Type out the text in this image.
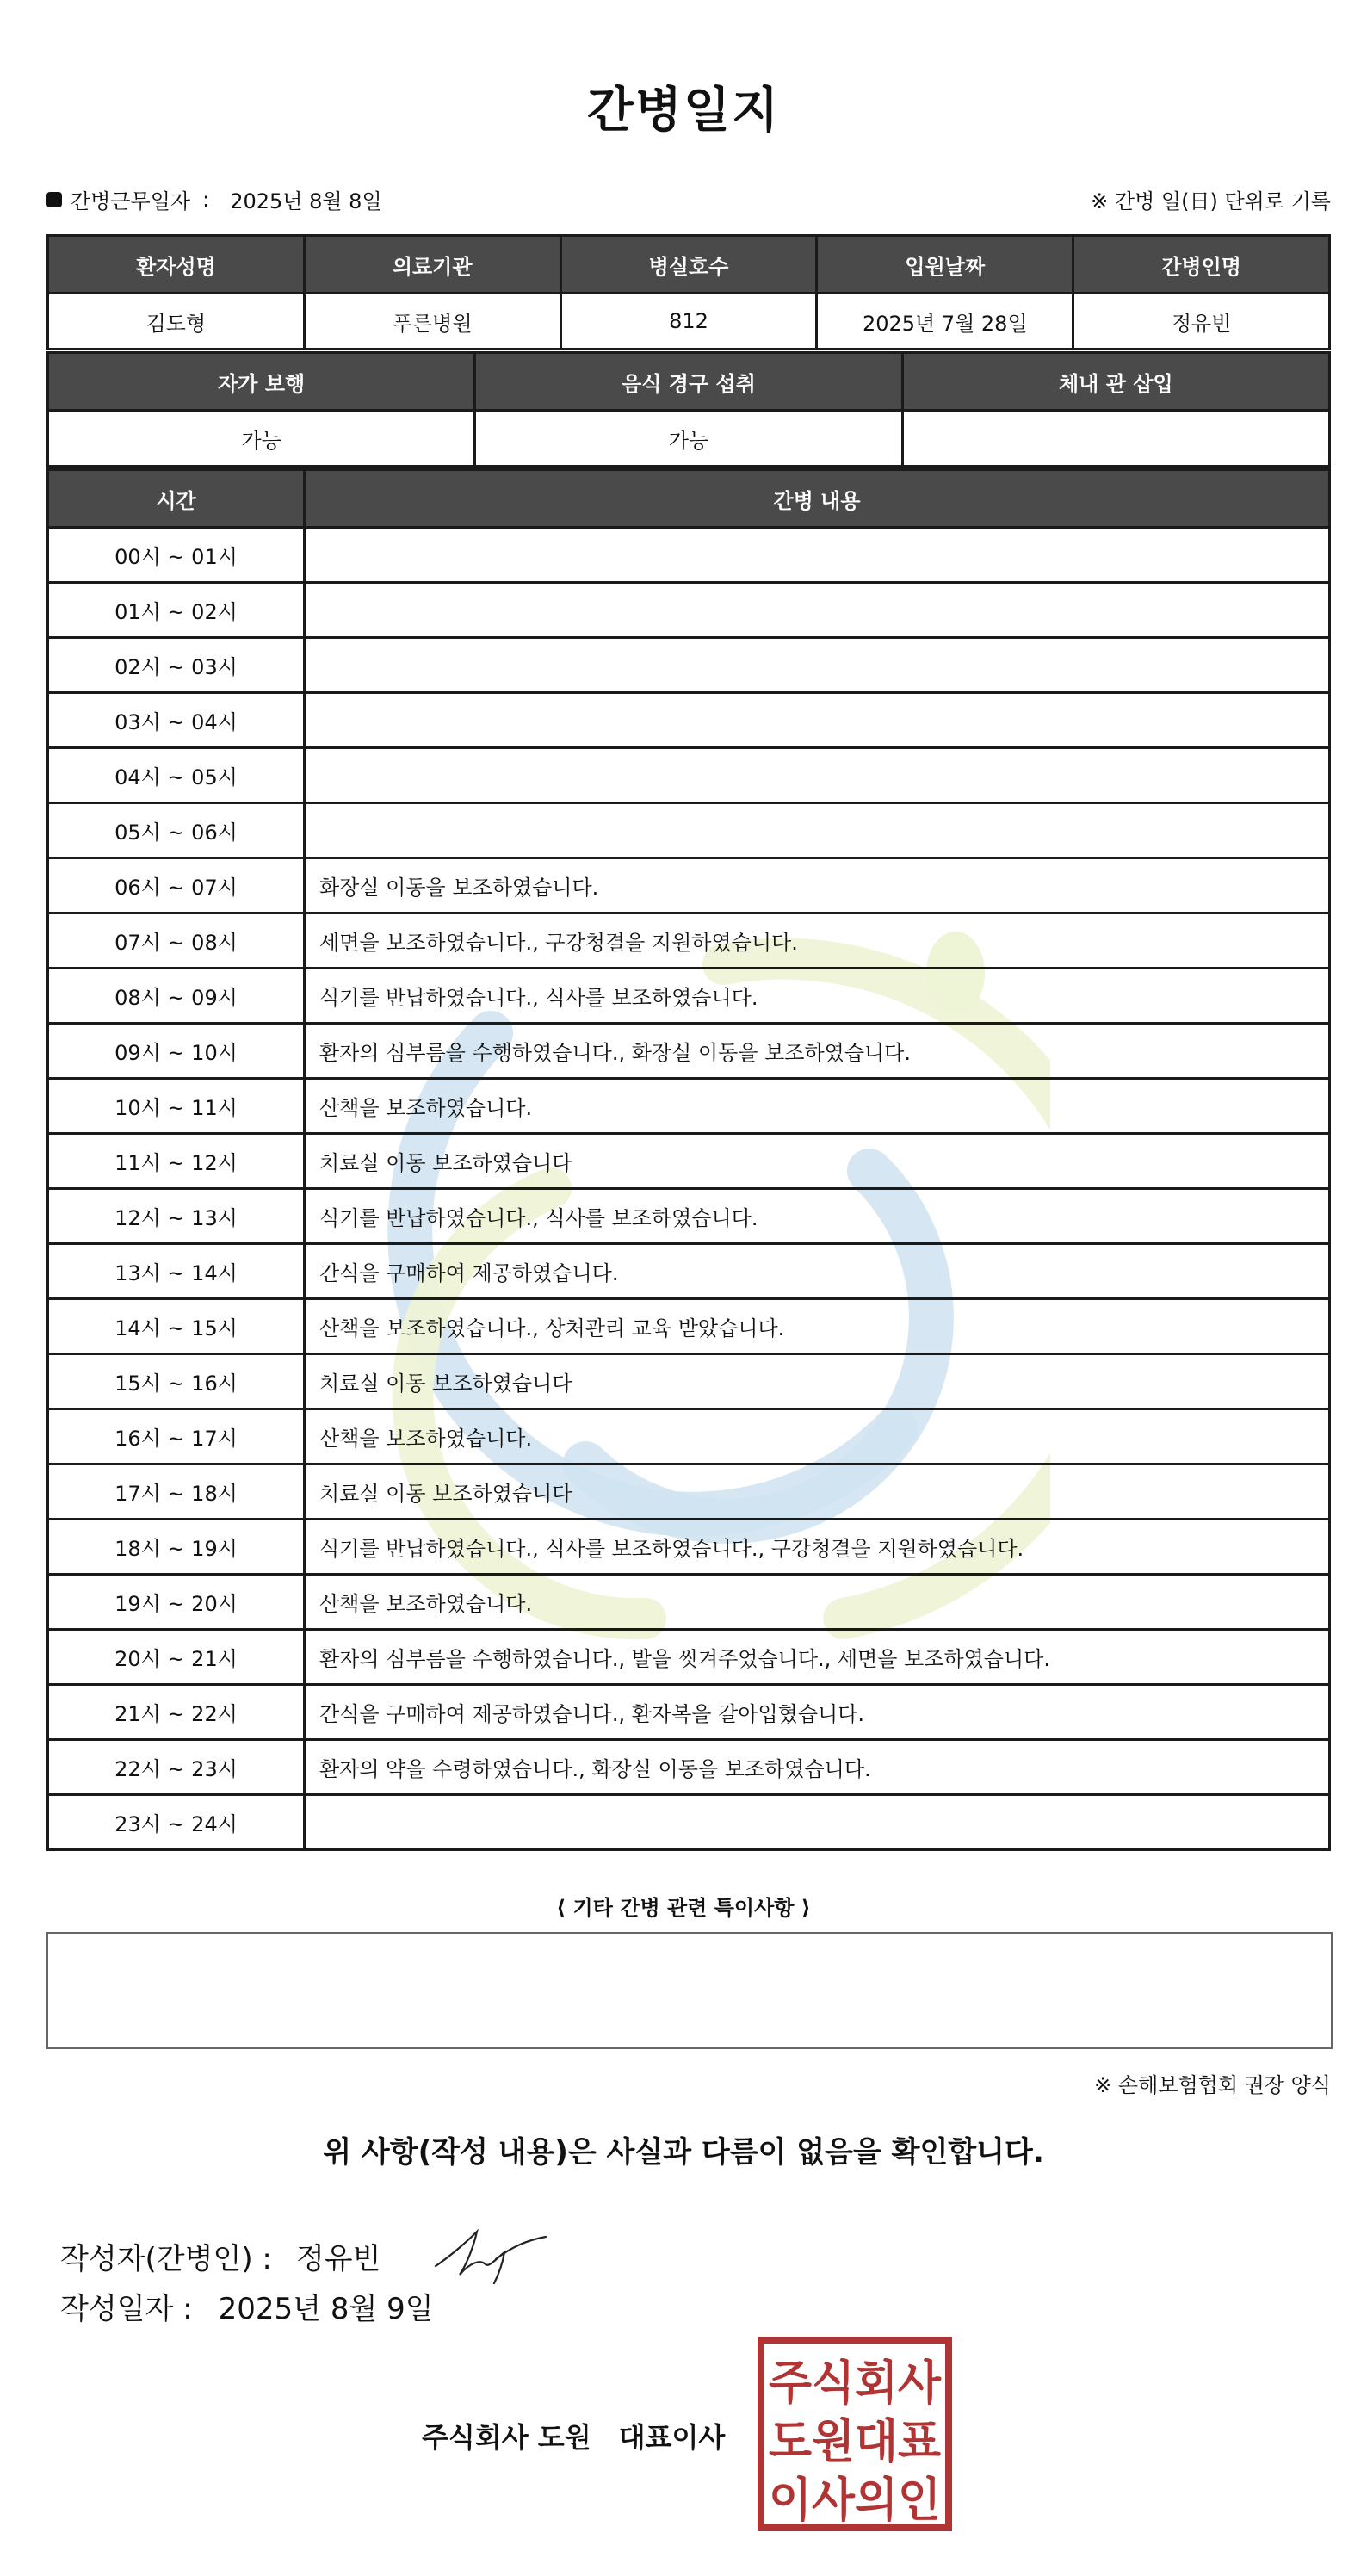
간병일지
간병근무일자 : 2025년 8월 8일	※ 간병 일(日) 단위로 기록
환자성명	의료기관	병실호수	입원날짜	간병인명
김도형	푸른병원	812	2025년 7월 28일	정유빈
자가 보행	음식 경구 섭취	체내 관 삽입
가능	가능	
시간	간병 내용
00시 ~ 01시	
01시 ~ 02시	
02시 ~ 03시	
03시 ~ 04시	
04시 ~ 05시	
05시 ~ 06시	
06시 ~ 07시	화장실 이동을 보조하였습니다.
07시 ~ 08시	세면을 보조하였습니다., 구강청결을 지원하였습니다.
08시 ~ 09시	식기를 반납하였습니다., 식사를 보조하였습니다.
09시 ~ 10시	환자의 심부름을 수행하였습니다., 화장실 이동을 보조하였습니다.
10시 ~ 11시	산책을 보조하였습니다.
11시 ~ 12시	치료실 이동 보조하였습니다
12시 ~ 13시	식기를 반납하였습니다., 식사를 보조하였습니다.
13시 ~ 14시	간식을 구매하여 제공하였습니다.
14시 ~ 15시	산책을 보조하였습니다., 상처관리 교육 받았습니다.
15시 ~ 16시	치료실 이동 보조하였습니다
16시 ~ 17시	산책을 보조하였습니다.
17시 ~ 18시	치료실 이동 보조하였습니다
18시 ~ 19시	식기를 반납하였습니다., 식사를 보조하였습니다., 구강청결을 지원하였습니다.
19시 ~ 20시	산책을 보조하였습니다.
20시 ~ 21시	환자의 심부름을 수행하였습니다., 발을 씻겨주었습니다., 세면을 보조하였습니다.
21시 ~ 22시	간식을 구매하여 제공하였습니다., 환자복을 갈아입혔습니다.
22시 ~ 23시	환자의 약을 수령하였습니다., 화장실 이동을 보조하였습니다.
23시 ~ 24시	
⟨ 기타 간병 관련 특이사항 ⟩
※ 손해보험협회 권장 양식
위 사항(작성 내용)은 사실과 다름이 없음을 확인합니다.
작성자(간병인) : 정유빈
작성일자 : 2025년 8월 9일
주식회사 도원 대표이사
주식회사
도원대표
이사의인
